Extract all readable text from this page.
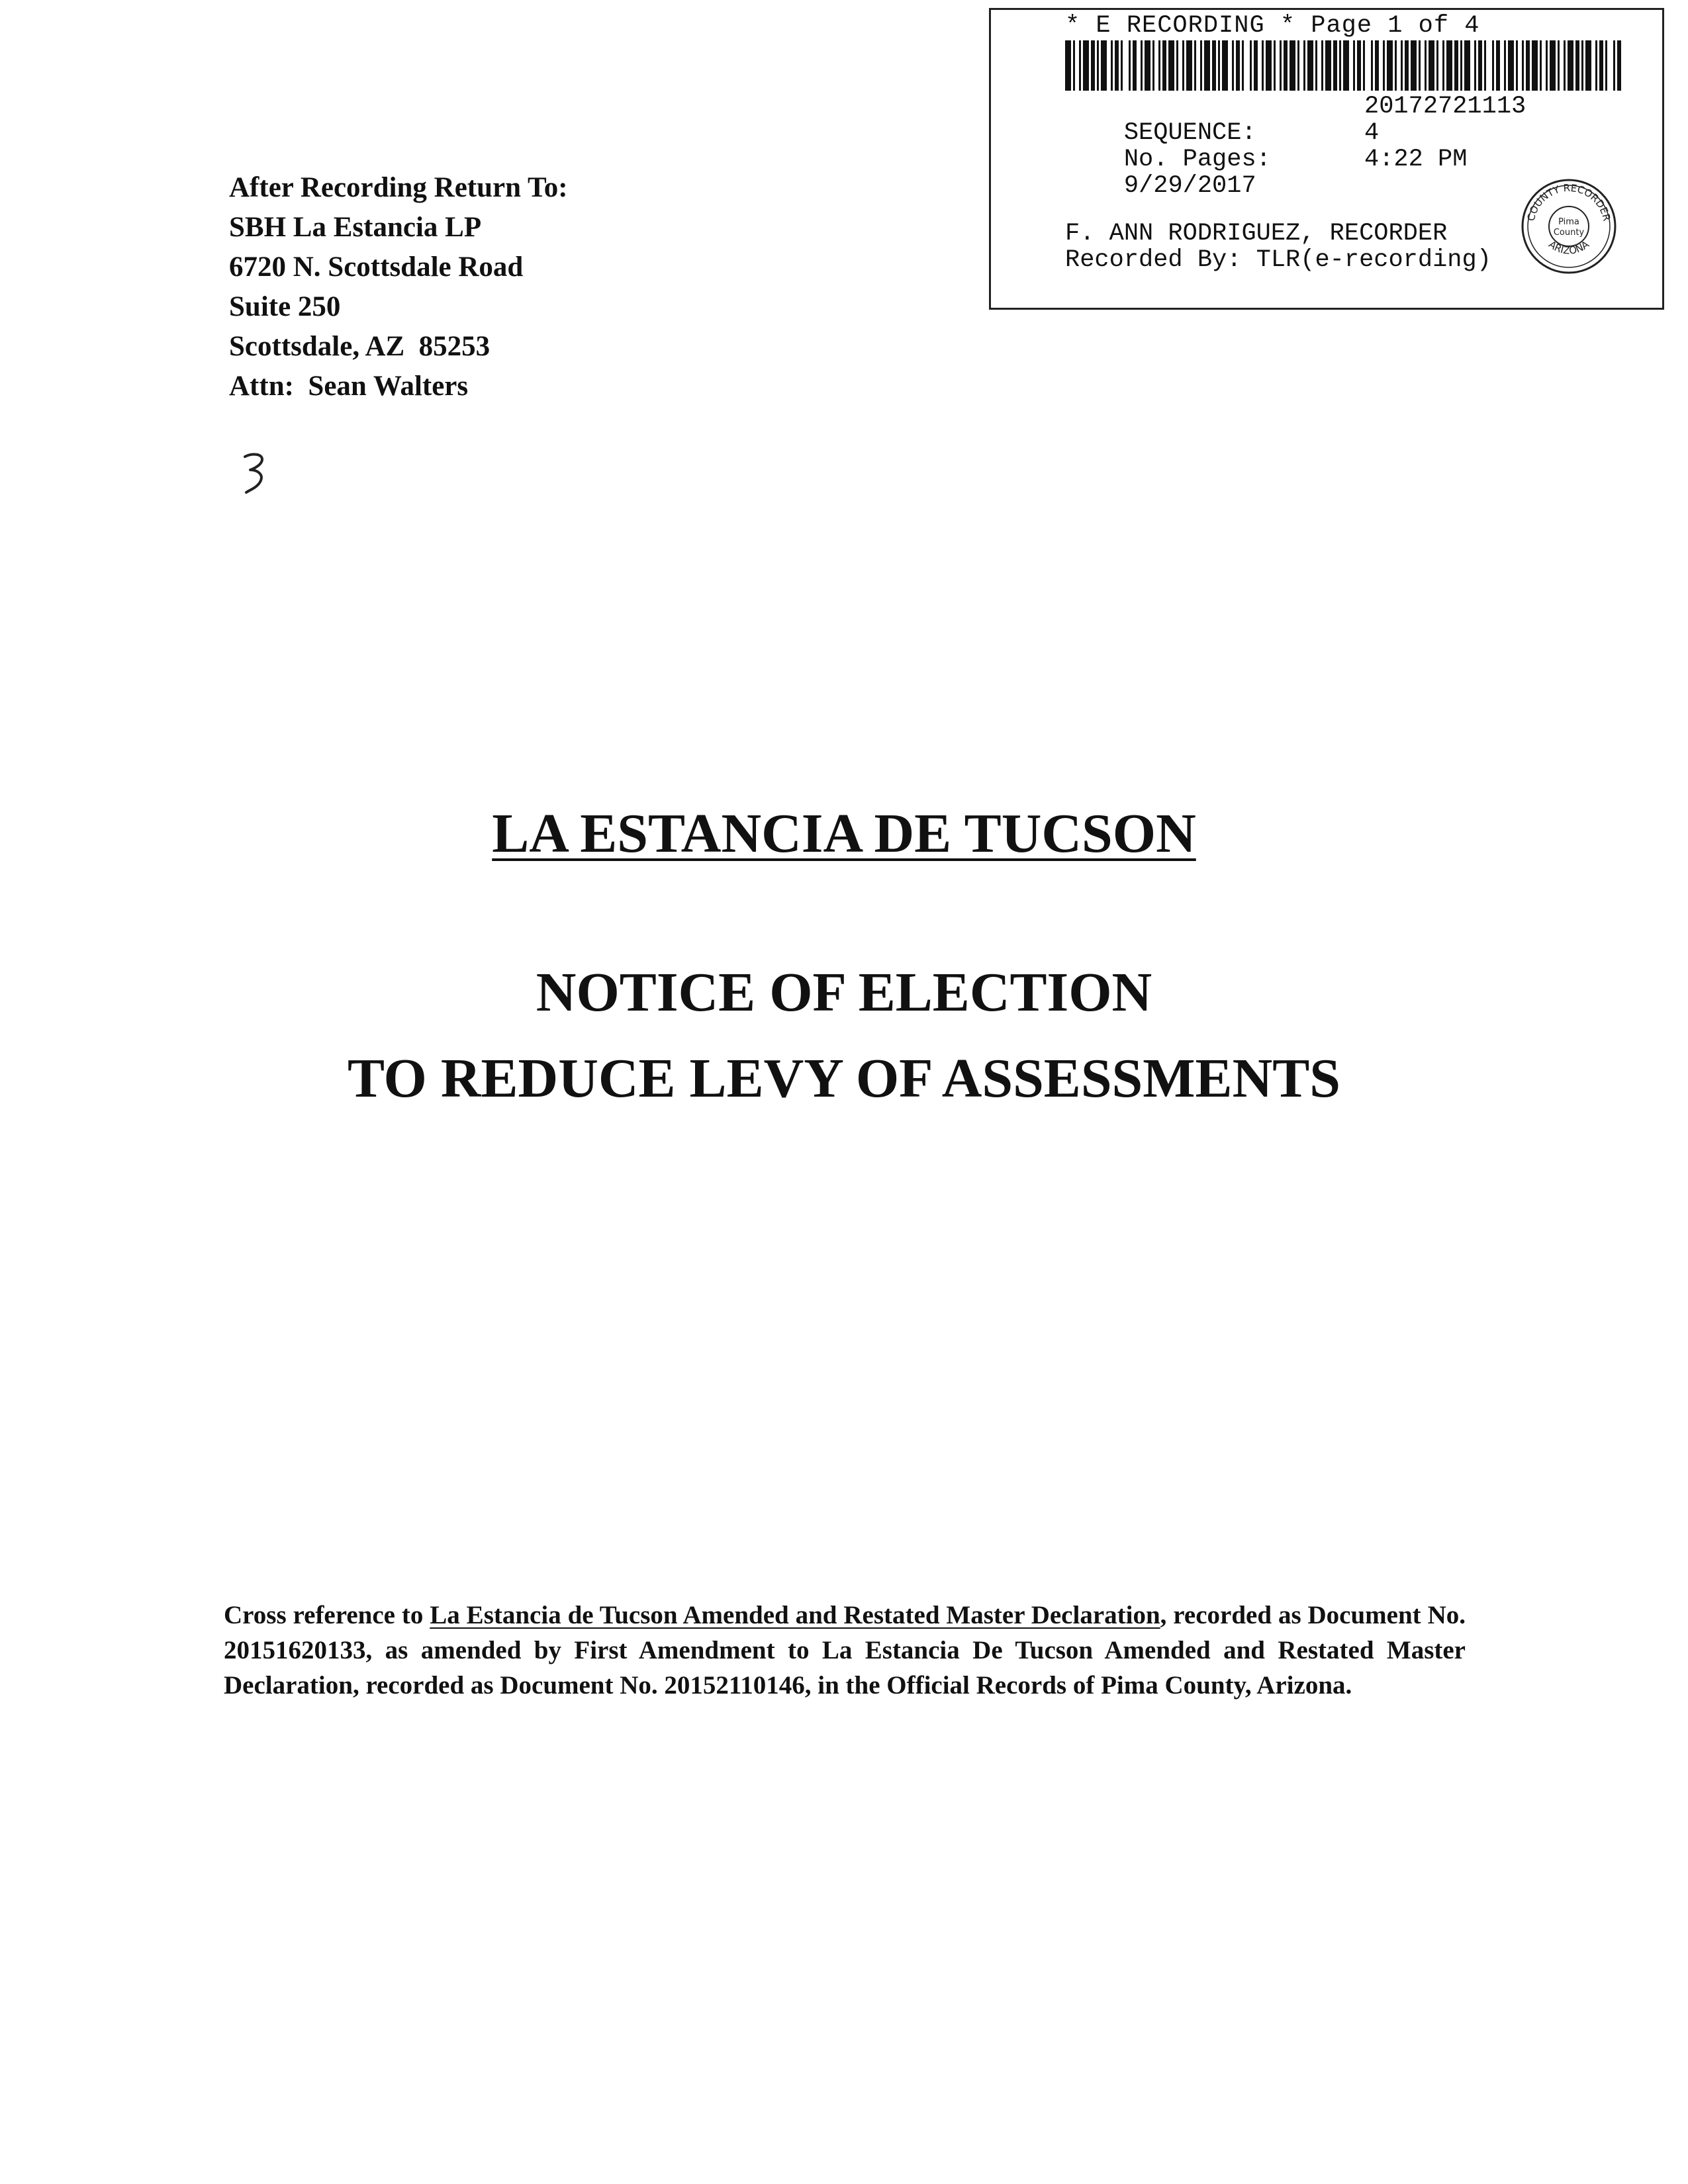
* E RECORDING * Page 1 of 4

SEQUENCE:

20172721113

No. Pages:

4

9/29/2017

4:22 PM

F. ANN RODRIGUEZ, RECORDER
Recorded By: TLR(e-recording)
COUNTY RECORDER
ARIZONA
Pima
County
After Recording Return To:
SBH La Estancia LP
6720 N. Scottsdale Road
Suite 250
Scottsdale, AZ  85253
Attn:  Sean Walters
LA ESTANCIA DE TUCSON
NOTICE OF ELECTION
TO REDUCE LEVY OF ASSESSMENTS
Cross reference to La Estancia de Tucson Amended and Restated Master Declaration, recorded as Document No. 20151620133, as amended by First Amendment to La Estancia De Tucson Amended and Restated Master Declaration, recorded as Document No. 20152110146, in the Official Records of Pima County, Arizona.
